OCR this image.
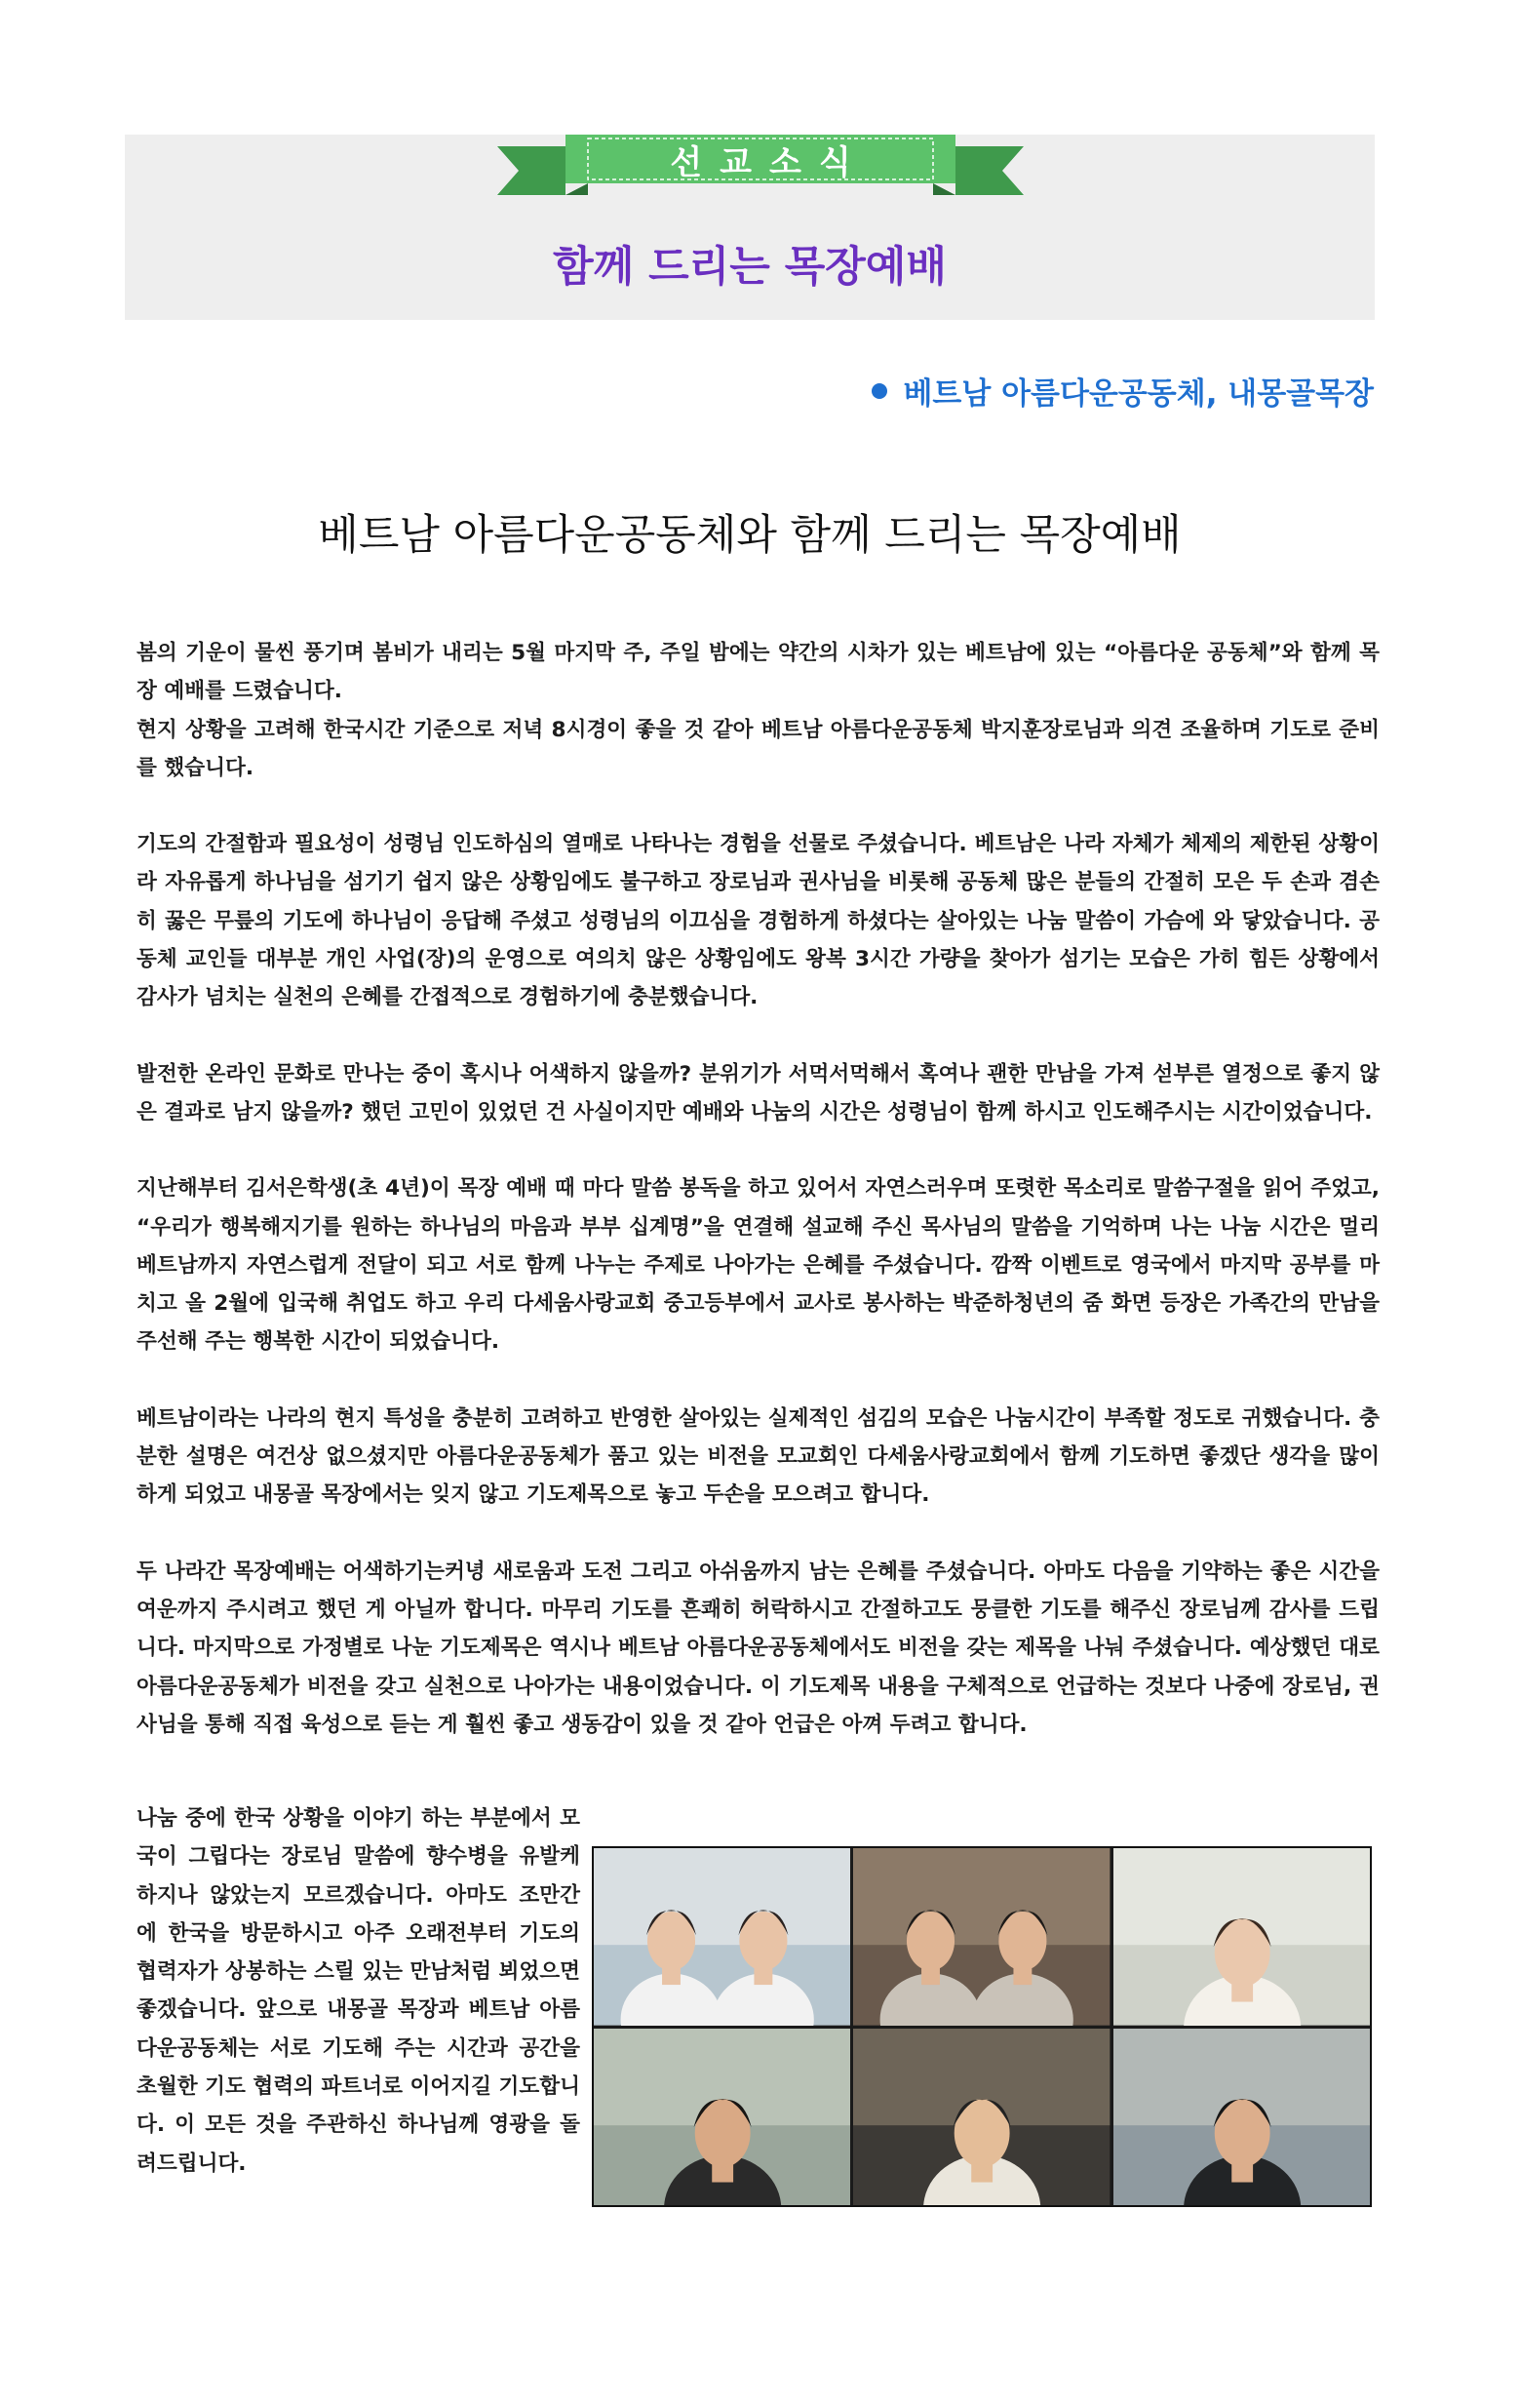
선교소식
함께 드리는 목장예배
베트남 아름다운공동체, 내몽골목장
베트남 아름다운공동체와 함께 드리는 목장예배

봄의 기운이 물씬 풍기며 봄비가 내리는 5월 마지막 주, 주일 밤에는 약간의 시차가 있는 베트남에 있는 “아름다운 공동체”와 함께 목장 예배를 드렸습니다.
현지 상황을 고려해 한국시간 기준으로 저녁 8시경이 좋을 것 같아 베트남 아름다운공동체 박지훈장로님과 의견 조율하며 기도로 준비를 했습니다.

기도의 간절함과 필요성이 성령님 인도하심의 열매로 나타나는 경험을 선물로 주셨습니다. 베트남은 나라 자체가 체제의 제한된 상황이라 자유롭게 하나님을 섬기기 쉽지 않은 상황임에도 불구하고 장로님과 권사님을 비롯해 공동체 많은 분들의 간절히 모은 두 손과 겸손히 꿇은 무릎의 기도에 하나님이 응답해 주셨고 성령님의 이끄심을 경험하게 하셨다는 살아있는 나눔 말씀이 가슴에 와 닿았습니다. 공동체 교인들 대부분 개인 사업(장)의 운영으로 여의치 않은 상황임에도 왕복 3시간 가량을 찾아가 섬기는 모습은 가히 힘든 상황에서 감사가 넘치는 실천의 은혜를 간접적으로 경험하기에 충분했습니다.

발전한 온라인 문화로 만나는 중이 혹시나 어색하지 않을까? 분위기가 서먹서먹해서 혹여나 괜한 만남을 가져 섣부른 열정으로 좋지 않은 결과로 남지 않을까? 했던 고민이 있었던 건 사실이지만 예배와 나눔의 시간은 성령님이 함께 하시고 인도해주시는 시간이었습니다.

지난해부터 김서은학생(초 4년)이 목장 예배 때 마다 말씀 봉독을 하고 있어서 자연스러우며 또렷한 목소리로 말씀구절을 읽어 주었고, “우리가 행복해지기를 원하는 하나님의 마음과 부부 십계명”을 연결해 설교해 주신 목사님의 말씀을 기억하며 나는 나눔 시간은 멀리 베트남까지 자연스럽게 전달이 되고 서로 함께 나누는 주제로 나아가는 은혜를 주셨습니다. 깜짝 이벤트로 영국에서 마지막 공부를 마치고 올 2월에 입국해 취업도 하고 우리 다세움사랑교회 중고등부에서 교사로 봉사하는 박준하청년의 줌 화면 등장은 가족간의 만남을 주선해 주는 행복한 시간이 되었습니다.

베트남이라는 나라의 현지 특성을 충분히 고려하고 반영한 살아있는 실제적인 섬김의 모습은 나눔시간이 부족할 정도로 귀했습니다. 충분한 설명은 여건상 없으셨지만 아름다운공동체가 품고 있는 비전을 모교회인 다세움사랑교회에서 함께 기도하면 좋겠단 생각을 많이 하게 되었고 내몽골 목장에서는 잊지 않고 기도제목으로 놓고 두손을 모으려고 합니다.

두 나라간 목장예배는 어색하기는커녕 새로움과 도전 그리고 아쉬움까지 남는 은혜를 주셨습니다. 아마도 다음을 기약하는 좋은 시간을 여운까지 주시려고 했던 게 아닐까 합니다. 마무리 기도를 흔쾌히 허락하시고 간절하고도 뭉클한 기도를 해주신 장로님께 감사를 드립니다. 마지막으로 가정별로 나눈 기도제목은 역시나 베트남 아름다운공동체에서도 비전을 갖는 제목을 나눠 주셨습니다. 예상했던 대로 아름다운공동체가 비전을 갖고 실천으로 나아가는 내용이었습니다. 이 기도제목 내용을 구체적으로 언급하는 것보다 나중에 장로님, 권사님을 통해 직접 육성으로 듣는 게 훨씬 좋고 생동감이 있을 것 같아 언급은 아껴 두려고 합니다.

나눔 중에 한국 상황을 이야기 하는 부분에서 모국이 그립다는 장로님 말씀에 향수병을 유발케 하지나 않았는지 모르겠습니다. 아마도 조만간에 한국을 방문하시고 아주 오래전부터 기도의 협력자가 상봉하는 스릴 있는 만남처럼 뵈었으면 좋겠습니다. 앞으로 내몽골 목장과 베트남 아름다운공동체는 서로 기도해 주는 시간과 공간을 초월한 기도 협력의 파트너로 이어지길 기도합니다. 이 모든 것을 주관하신 하나님께 영광을 돌려드립니다.
